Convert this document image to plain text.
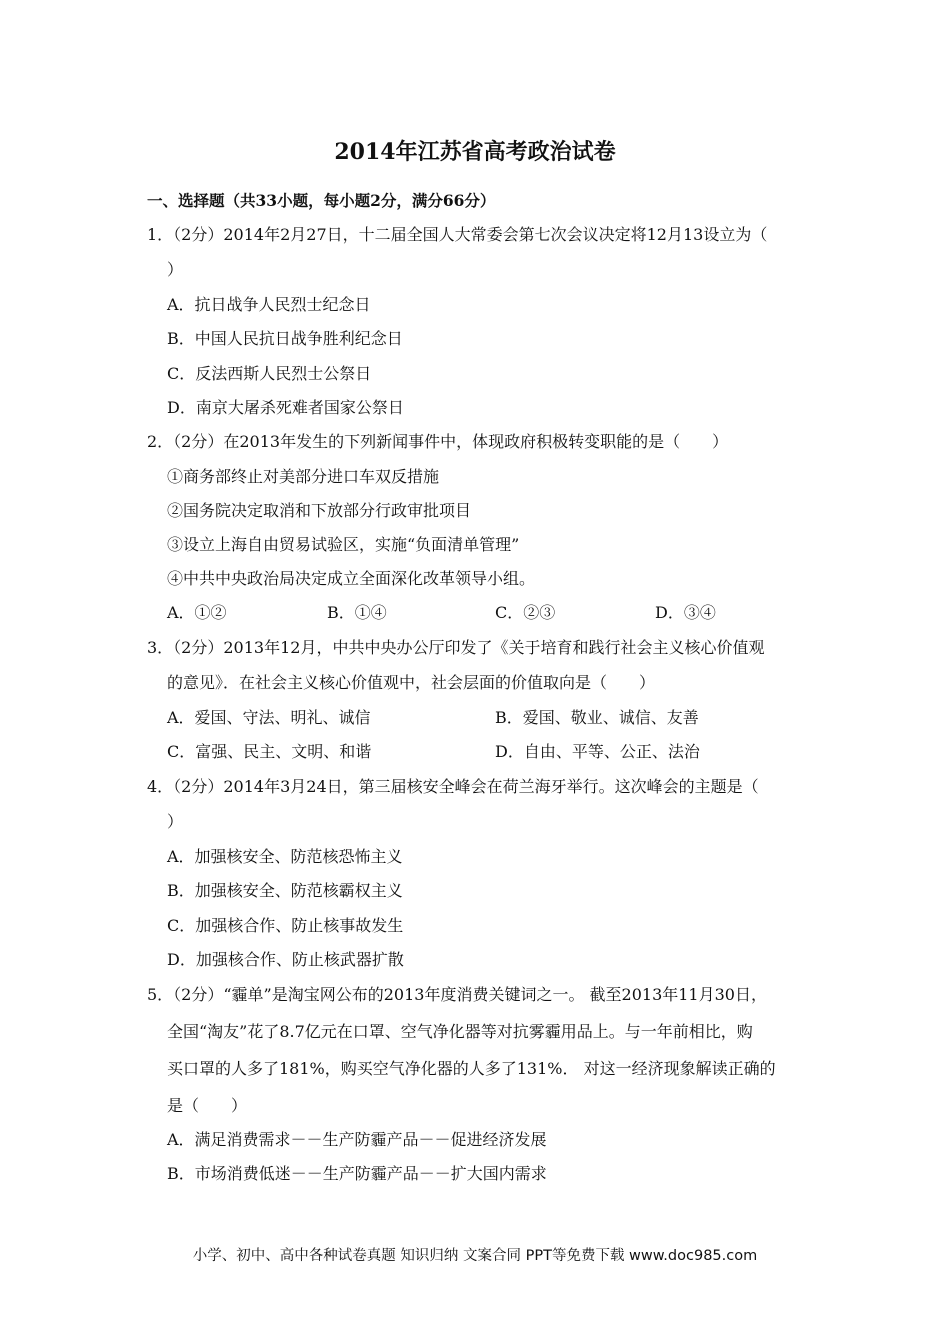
2014年江苏省高考政治试卷
一、选择题（共33小题，每小题2分，满分66分）
1．（2分）2014年2月27日，十二届全国人大常委会第七次会议决定将12月13设立为（
）
A．抗日战争人民烈士纪念日
B．中国人民抗日战争胜利纪念日
C．反法西斯人民烈士公祭日
D．南京大屠杀死难者国家公祭日
2．（2分）在2013年发生的下列新闻事件中，体现政府积极转变职能的是（　　）
①商务部终止对美部分进口车双反措施
②国务院决定取消和下放部分行政审批项目
③设立上海自由贸易试验区，实施“负面清单管理”
④中共中央政治局决定成立全面深化改革领导小组。
A．①②	B．①④	C．②③	D．③④
3．（2分）2013年12月，中共中央办公厅印发了《关于培育和践行社会主义核心价值观
的意见》．在社会主义核心价值观中，社会层面的价值取向是（　　）
A．爱国、守法、明礼、诚信	B．爱国、敬业、诚信、友善
C．富强、民主、文明、和谐	D．自由、平等、公正、法治
4．（2分）2014年3月24日，第三届核安全峰会在荷兰海牙举行。这次峰会的主题是（
）
A．加强核安全、防范核恐怖主义
B．加强核安全、防范核霸权主义
C．加强核合作、防止核事故发生
D．加强核合作、防止核武器扩散
5．（2分）“霾单”是淘宝网公布的2013年度消费关键词之一。 截至2013年11月30日，
全国“淘友”花了8.7亿元在口罩、空气净化器等对抗雾霾用品上。与一年前相比，购
买口罩的人多了181%，购买空气净化器的人多了131%． 对这一经济现象解读正确的
是（　　）
A．满足消费需求－－生产防霾产品－－促进经济发展
B．市场消费低迷－－生产防霾产品－－扩大国内需求
小学、初中、高中各种试卷真题 知识归纳 文案合同 PPT等免费下载 www.doc985.com
